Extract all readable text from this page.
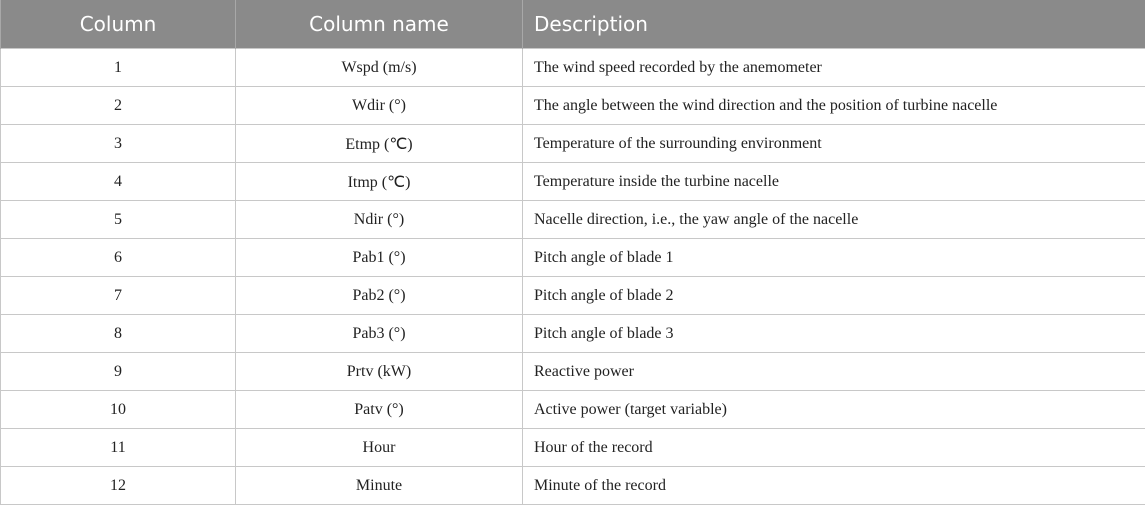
Column	Column name	Description
1	Wspd (m/s)	The wind speed recorded by the anemometer
2	Wdir (°)	The angle between the wind direction and the position of turbine nacelle
3	Etmp (℃)	Temperature of the surrounding environment
4	Itmp (℃)	Temperature inside the turbine nacelle
5	Ndir (°)	Nacelle direction, i.e., the yaw angle of the nacelle
6	Pab1 (°)	Pitch angle of blade 1
7	Pab2 (°)	Pitch angle of blade 2
8	Pab3 (°)	Pitch angle of blade 3
9	Prtv (kW)	Reactive power
10	Patv (°)	Active power (target variable)
11	Hour	Hour of the record
12	Minute	Minute of the record
